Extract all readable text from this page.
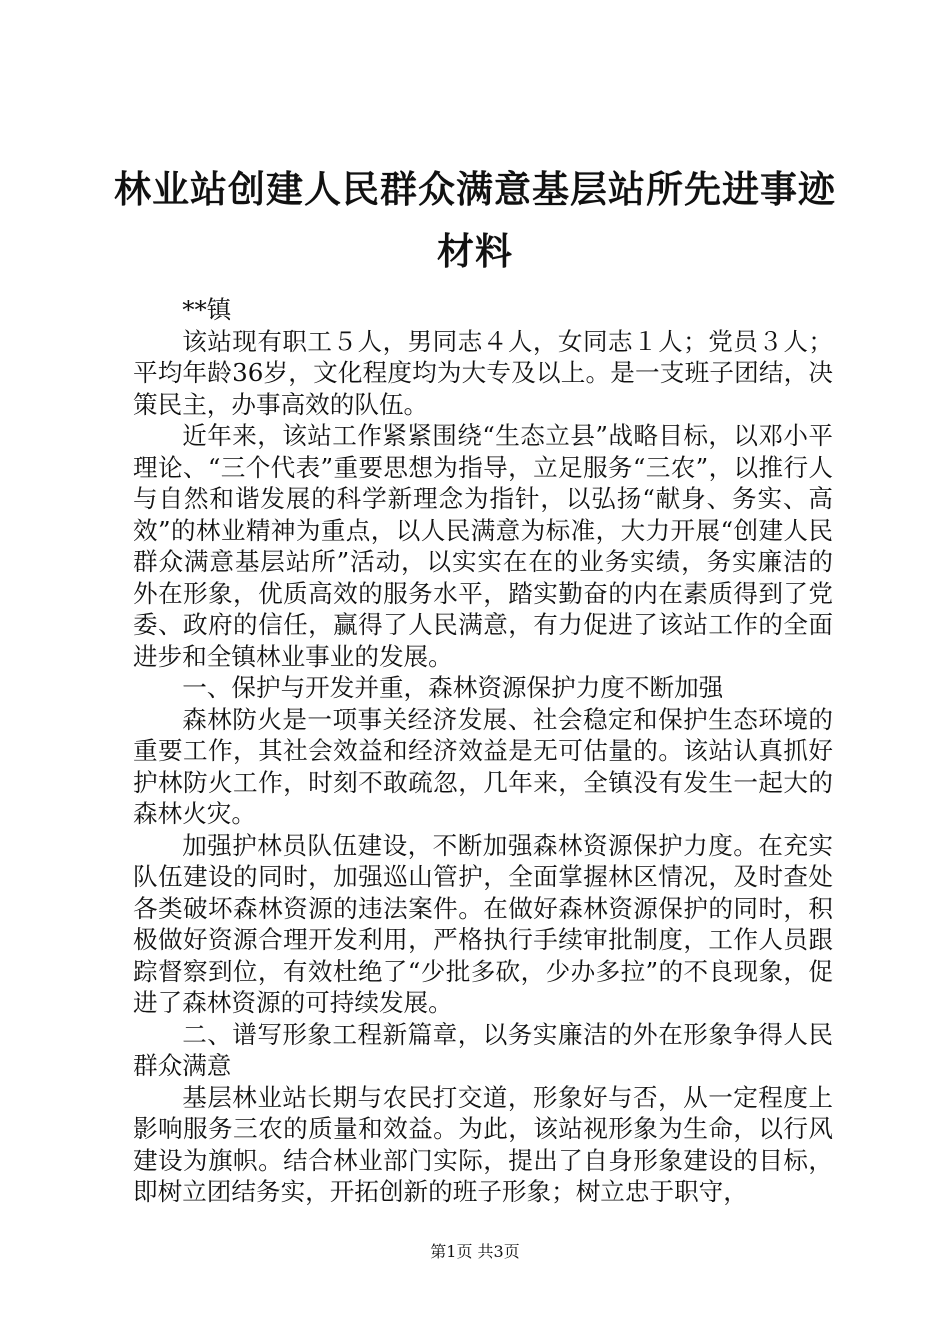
林业站创建人民群众满意基层站所先进事迹材料

**镇

该站现有职工５人，男同志４人，女同志１人；党员３人；平均年龄36岁，文化程度均为大专及以上。是一支班子团结，决策民主，办事高效的队伍。

近年来，该站工作紧紧围绕“生态立县”战略目标，以邓小平理论、“三个代表”重要思想为指导，立足服务“三农”，以推行人与自然和谐发展的科学新理念为指针，以弘扬“献身、务实、高效”的林业精神为重点，以人民满意为标准，大力开展“创建人民群众满意基层站所”活动，以实实在在的业务实绩，务实廉洁的外在形象，优质高效的服务水平，踏实勤奋的内在素质得到了党委、政府的信任，赢得了人民满意，有力促进了该站工作的全面进步和全镇林业事业的发展。

一、保护与开发并重，森林资源保护力度不断加强

森林防火是一项事关经济发展、社会稳定和保护生态环境的重要工作，其社会效益和经济效益是无可估量的。该站认真抓好护林防火工作，时刻不敢疏忽，几年来，全镇没有发生一起大的森林火灾。

加强护林员队伍建设，不断加强森林资源保护力度。在充实队伍建设的同时，加强巡山管护，全面掌握林区情况，及时查处各类破坏森林资源的违法案件。在做好森林资源保护的同时，积极做好资源合理开发利用，严格执行手续审批制度，工作人员跟踪督察到位，有效杜绝了“少批多砍，少办多拉”的不良现象，促进了森林资源的可持续发展。

二、谱写形象工程新篇章，以务实廉洁的外在形象争得人民群众满意

基层林业站长期与农民打交道，形象好与否，从一定程度上影响服务三农的质量和效益。为此，该站视形象为生命，以行风建设为旗帜。结合林业部门实际，提出了自身形象建设的目标，即树立团结务实，开拓创新的班子形象；树立忠于职守，

第1页 共3页
